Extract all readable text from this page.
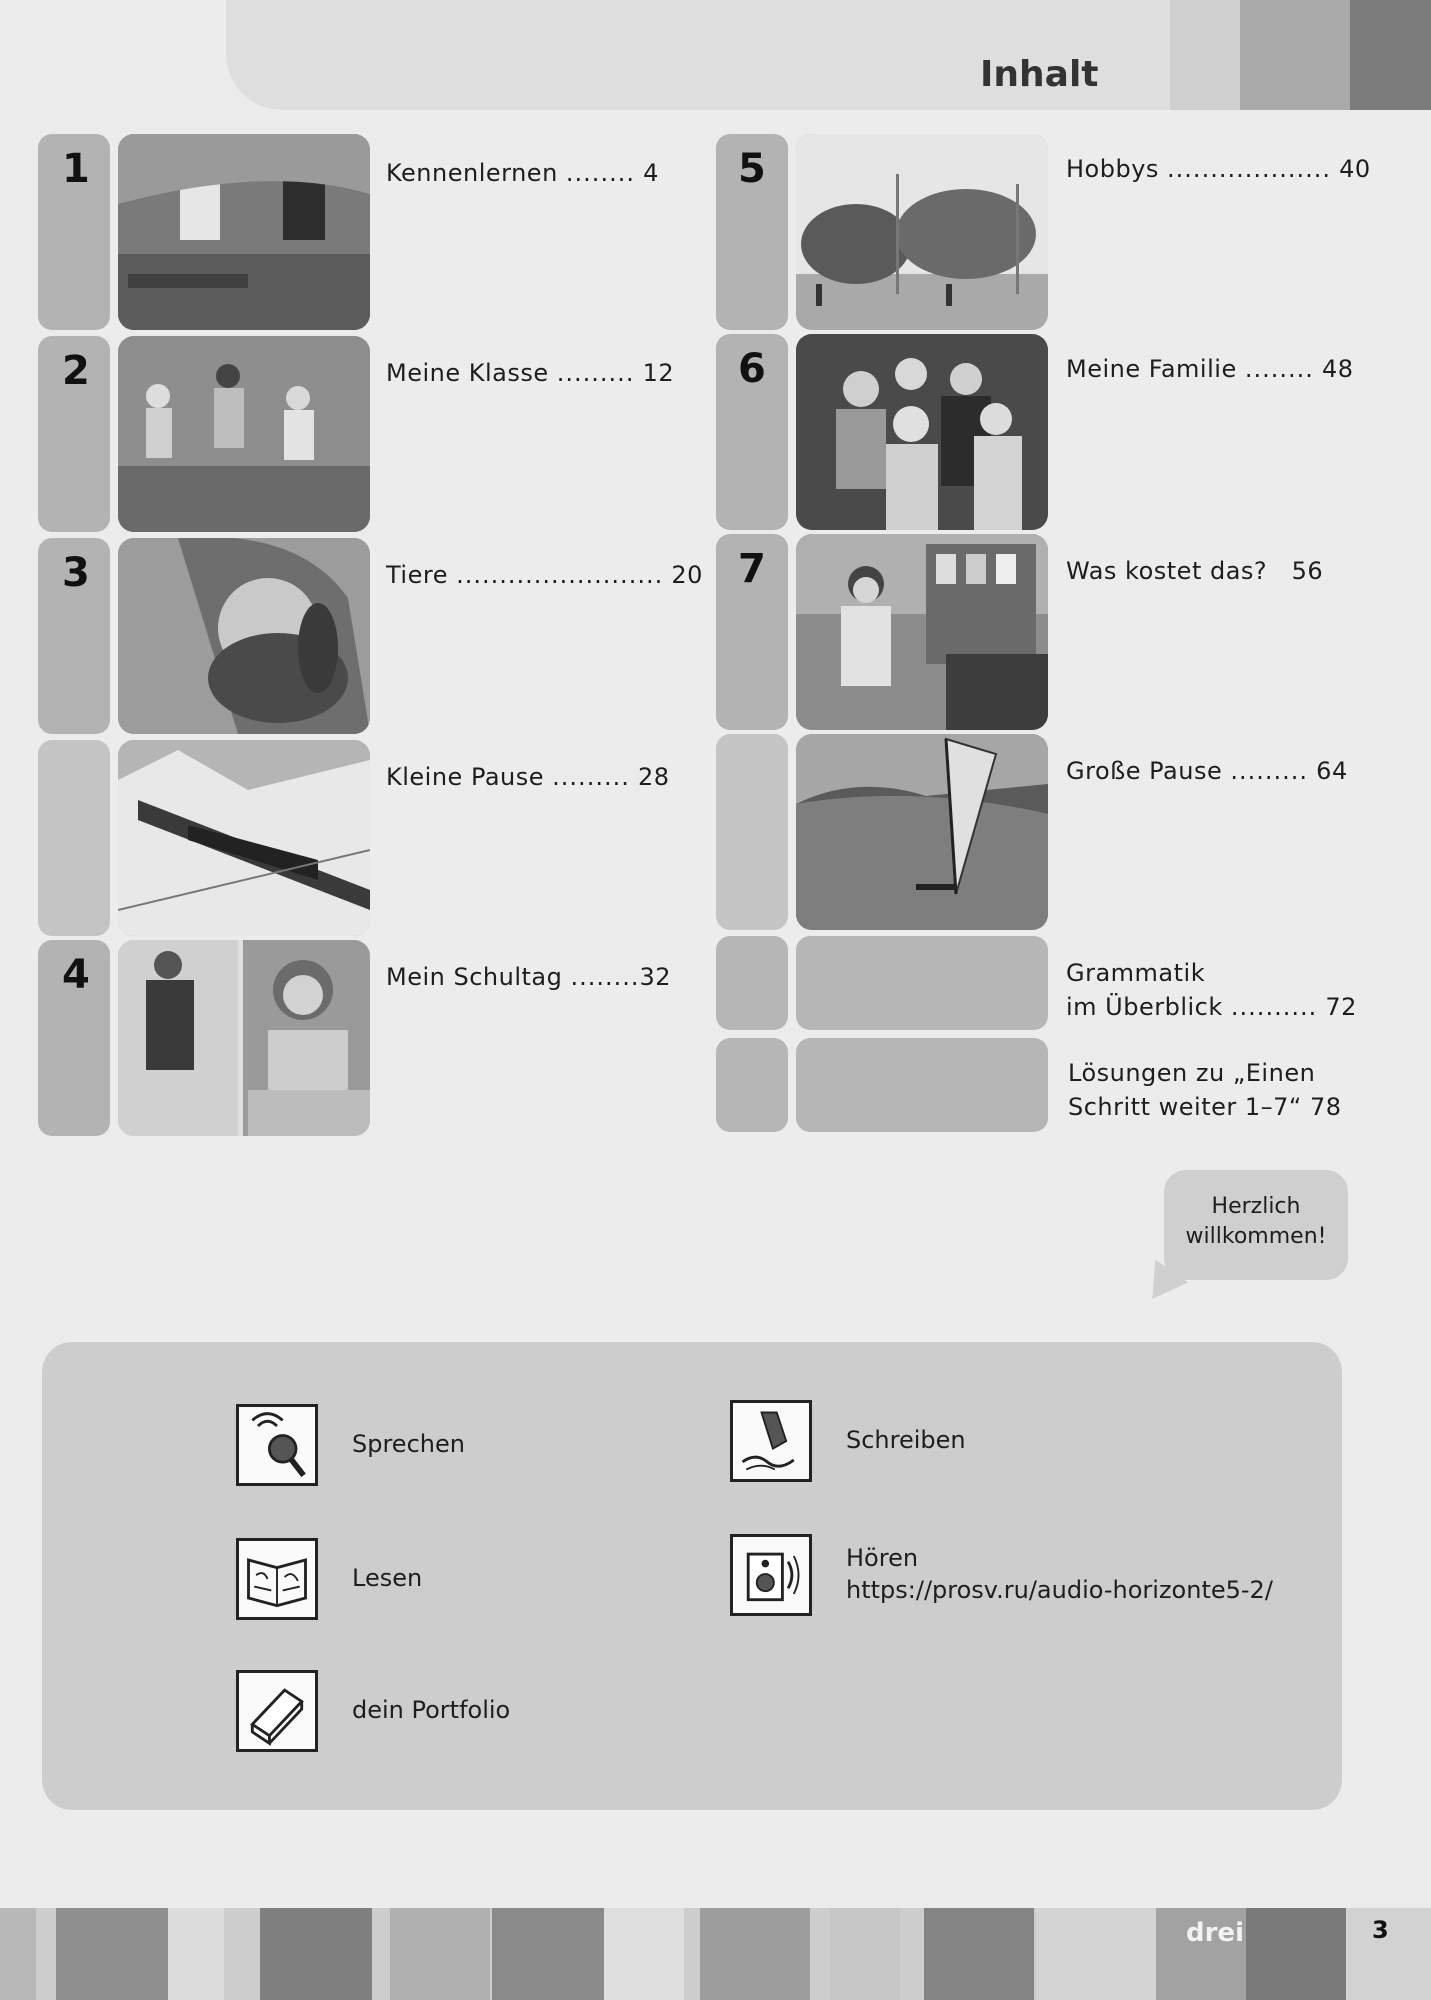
Inhalt
1	Kennenlernen ........ 4
2	Meine Klasse ......... 12
3	Tiere ........................ 20
Kleine Pause ......... 28
4	Mein Schultag ........32
5	Hobbys ................... 40
6	Meine Familie ........ 48
7	Was kostet das? 56
Große Pause ......... 64
Grammatik
im Überblick .......... 72
Lösungen zu „Einen
Schritt weiter 1–7“ 78
Herzlich
willkommen!
Sprechen
Lesen
dein Portfolio
Schreiben
Hören
https://prosv.ru/audio-horizonte5-2/
drei	3
